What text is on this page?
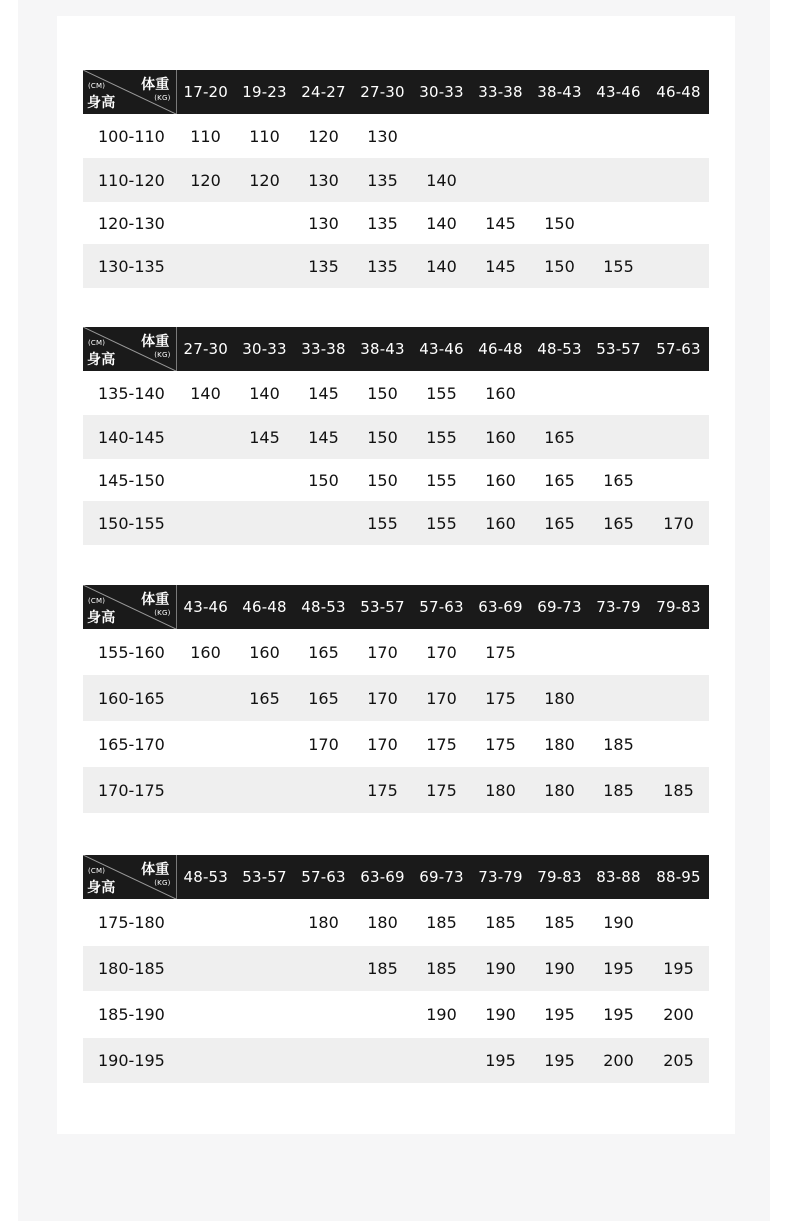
(CM)
身高
体重
(KG)	17-20	19-23	24-27	27-30	30-33	33-38	38-43	43-46	46-48
100-110	110	110	120	130					
110-120	120	120	130	135	140				
120-130			130	135	140	145	150		
130-135			135	135	140	145	150	155	
(CM)
身高
体重
(KG)	27-30	30-33	33-38	38-43	43-46	46-48	48-53	53-57	57-63
135-140	140	140	145	150	155	160			
140-145		145	145	150	155	160	165		
145-150			150	150	155	160	165	165	
150-155				155	155	160	165	165	170
(CM)
身高
体重
(KG)	43-46	46-48	48-53	53-57	57-63	63-69	69-73	73-79	79-83
155-160	160	160	165	170	170	175			
160-165		165	165	170	170	175	180		
165-170			170	170	175	175	180	185	
170-175				175	175	180	180	185	185
(CM)
身高
体重
(KG)	48-53	53-57	57-63	63-69	69-73	73-79	79-83	83-88	88-95
175-180			180	180	185	185	185	190	
180-185				185	185	190	190	195	195
185-190					190	190	195	195	200
190-195						195	195	200	205
